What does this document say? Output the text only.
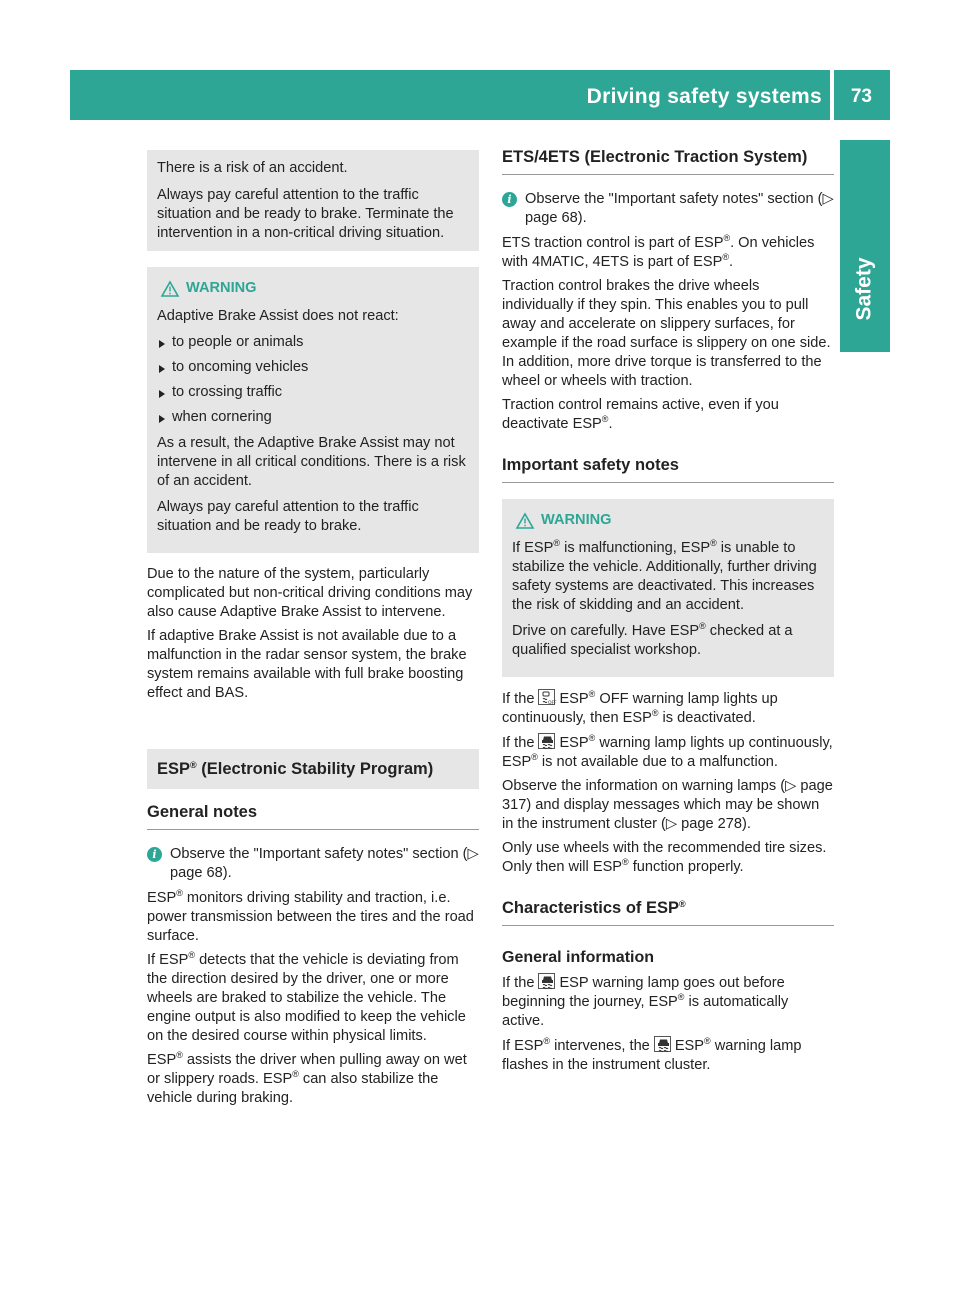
Driving safety systems 73
Safety

There is a risk of an accident.

Always pay careful attention to the traffic situation and be ready to brake. Terminate the intervention in a non-critical driving situation.

WARNING

Adaptive Brake Assist does not react:

to people or animals
to oncoming vehicles
to crossing traffic
when cornering

As a result, the Adaptive Brake Assist may not intervene in all critical conditions. There is a risk of an accident.

Always pay careful attention to the traffic situation and be ready to brake.

Due to the nature of the system, particularly complicated but non-critical driving conditions may also cause Adaptive Brake Assist to intervene.

If adaptive Brake Assist is not available due to a malfunction in the radar sensor system, the brake system remains available with full brake boosting effect and BAS.

ESP® (Electronic Stability Program)
General notes
i Observe the "Important safety notes" section (▷ page 68).

ESP® monitors driving stability and traction, i.e. power transmission between the tires and the road surface.

If ESP® detects that the vehicle is deviating from the direction desired by the driver, one or more wheels are braked to stabilize the vehicle. The engine output is also modified to keep the vehicle on the desired course within physical limits.

ESP® assists the driver when pulling away on wet or slippery roads. ESP® can also stabilize the vehicle during braking.

ETS/4ETS (Electronic Traction System)
i Observe the "Important safety notes" section (▷ page 68).

ETS traction control is part of ESP®. On vehicles with 4MATIC, 4ETS is part of ESP®.

Traction control brakes the drive wheels individually if they spin. This enables you to pull away and accelerate on slippery surfaces, for example if the road surface is slippery on one side. In addition, more drive torque is transferred to the wheel or wheels with traction.

Traction control remains active, even if you deactivate ESP®.

Important safety notes
WARNING

If ESP® is malfunctioning, ESP® is unable to stabilize the vehicle. Additionally, further driving safety systems are deactivated. This increases the risk of skidding and an accident.

Drive on carefully. Have ESP® checked at a qualified specialist workshop.

If the	OFF ESP® OFF warning lamp lights up continuously, then ESP® is deactivated.

If the ESP® warning lamp lights up continuously, ESP® is not available due to a malfunction.

Observe the information on warning lamps (▷ page 317) and display messages which may be shown in the instrument cluster (▷ page 278).

Only use wheels with the recommended tire sizes. Only then will ESP® function properly.

Characteristics of ESP®
General information

If the ESP warning lamp goes out before beginning the journey, ESP® is automatically active.

If ESP® intervenes, the ESP® warning lamp flashes in the instrument cluster.
